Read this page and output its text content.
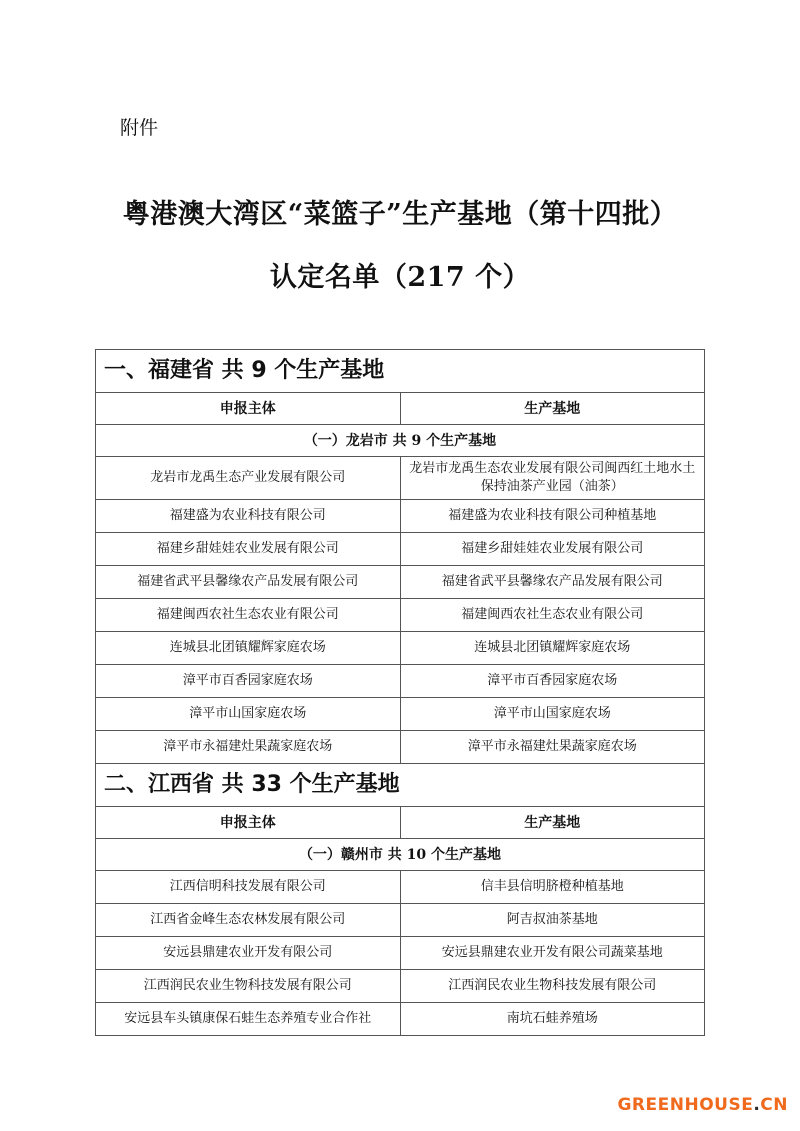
附件
粤港澳大湾区“菜篮子”生产基地（第十四批）
认定名单（217 个）
一、福建省 共 9 个生产基地	
申报主体	生产基地
（一）龙岩市 共 9 个生产基地	
龙岩市龙禹生态产业发展有限公司	龙岩市龙禹生态农业发展有限公司闽西红土地水土保持油茶产业园（油茶）
福建盛为农业科技有限公司	福建盛为农业科技有限公司种植基地
福建乡甜娃娃农业发展有限公司	福建乡甜娃娃农业发展有限公司
福建省武平县馨缘农产品发展有限公司	福建省武平县馨缘农产品发展有限公司
福建闽西农社生态农业有限公司	福建闽西农社生态农业有限公司
连城县北团镇耀辉家庭农场	连城县北团镇耀辉家庭农场
漳平市百香园家庭农场	漳平市百香园家庭农场
漳平市山国家庭农场	漳平市山国家庭农场
漳平市永福建灶果蔬家庭农场	漳平市永福建灶果蔬家庭农场
二、江西省 共 33 个生产基地	
申报主体	生产基地
（一）赣州市 共 10 个生产基地	
江西信明科技发展有限公司	信丰县信明脐橙种植基地
江西省金峰生态农林发展有限公司	阿吉叔油茶基地
安远县鼎建农业开发有限公司	安远县鼎建农业开发有限公司蔬菜基地
江西润民农业生物科技发展有限公司	江西润民农业生物科技发展有限公司
安远县车头镇康保石蛙生态养殖专业合作社	南坑石蛙养殖场
GREENHOUSE.CN
